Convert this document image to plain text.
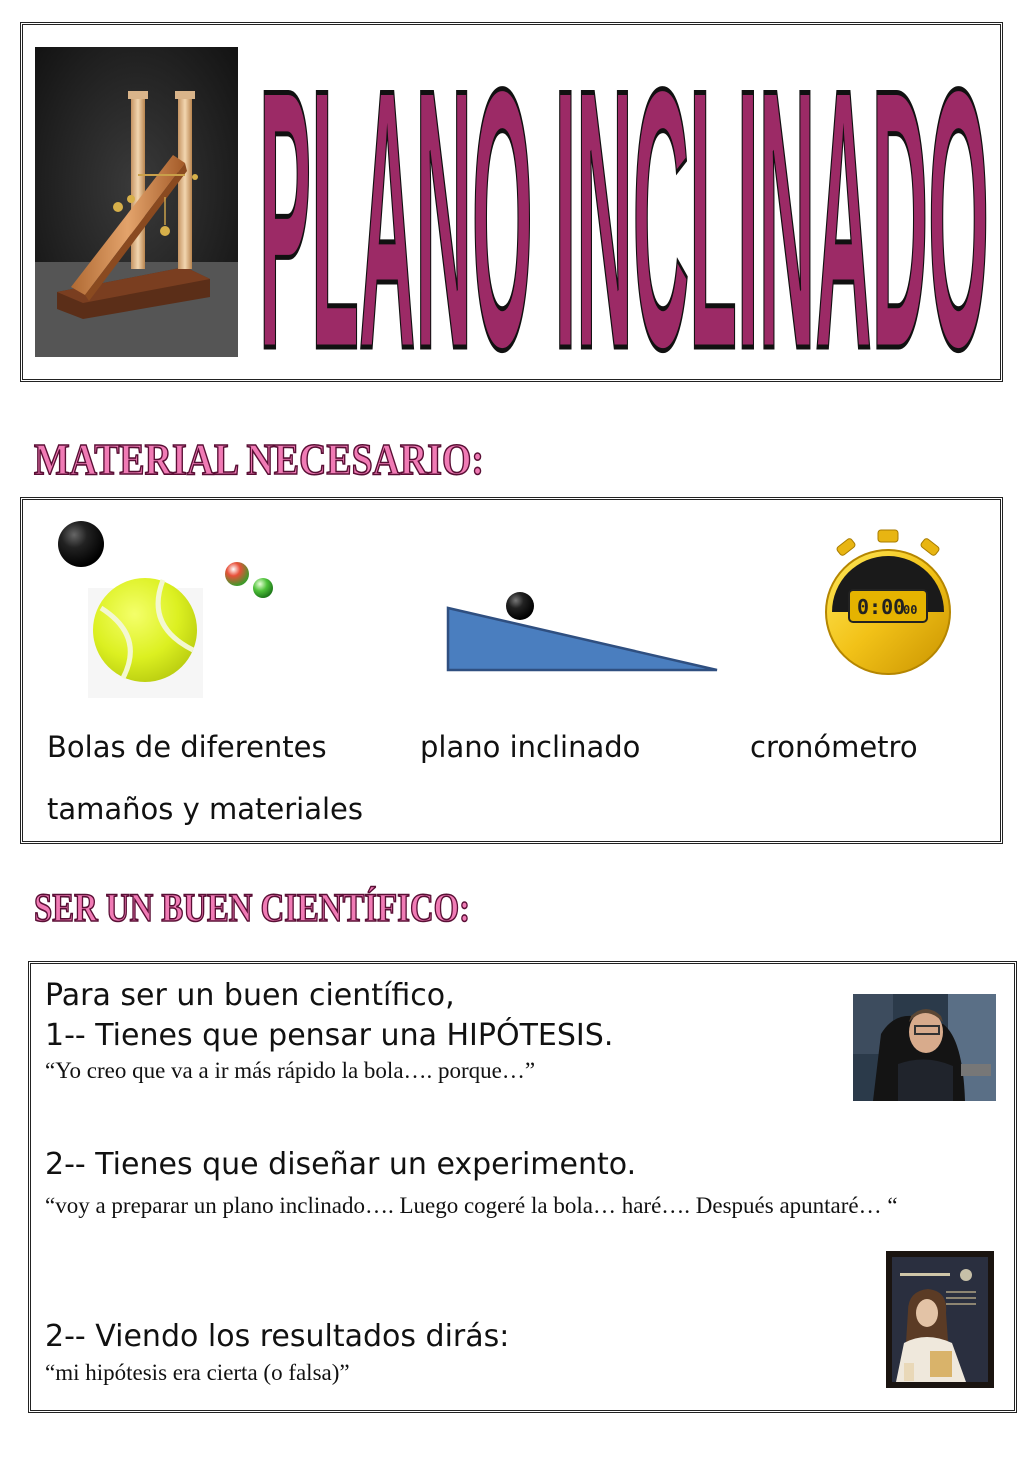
PLANO INCLINADO
MATERIAL NECESARIO:
0:00
00
Bolas de diferentes tamaños y materiales
plano inclinado	cronómetro
SER UN BUEN CIENTÍFICO:
Para ser un buen científico,
1-- Tienes que pensar una HIPÓTESIS.
“Yo creo que va a ir más rápido la bola…. porque…”
2-- Tienes que diseñar un experimento.
“voy a preparar un plano inclinado…. Luego cogeré la bola… haré…. Después apuntaré… “
2-- Viendo los resultados dirás:
“mi hipótesis era cierta (o falsa)”
